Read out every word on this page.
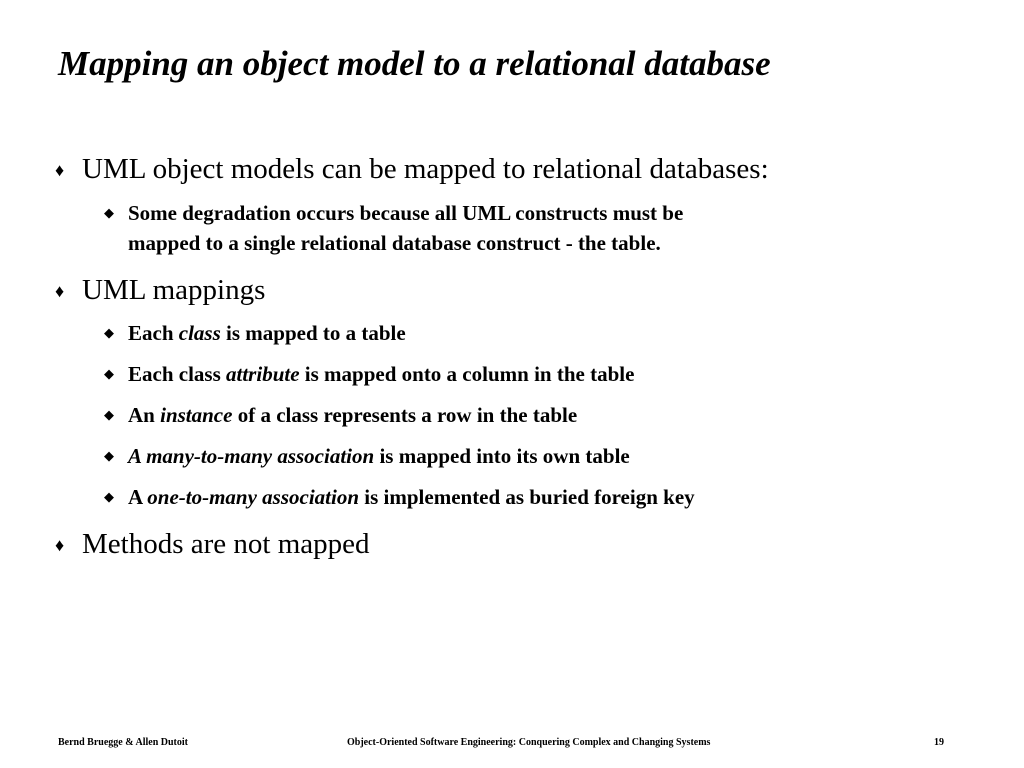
Mapping an object model to a relational database
♦ UML object models can be mapped to relational databases:
◆ Some degradation occurs because all UML constructs must be
mapped to a single relational database construct - the table.
♦ UML mappings
◆ Each class is mapped to a table
◆ Each class attribute is mapped onto a column in the table
◆ An instance of a class represents a row in the table
◆ A many-to-many association is mapped into its own table
◆ A one-to-many association is implemented as buried foreign key
♦ Methods are not mapped
Bernd Bruegge & Allen Dutoit	Object-Oriented Software Engineering: Conquering Complex and Changing Systems	19
